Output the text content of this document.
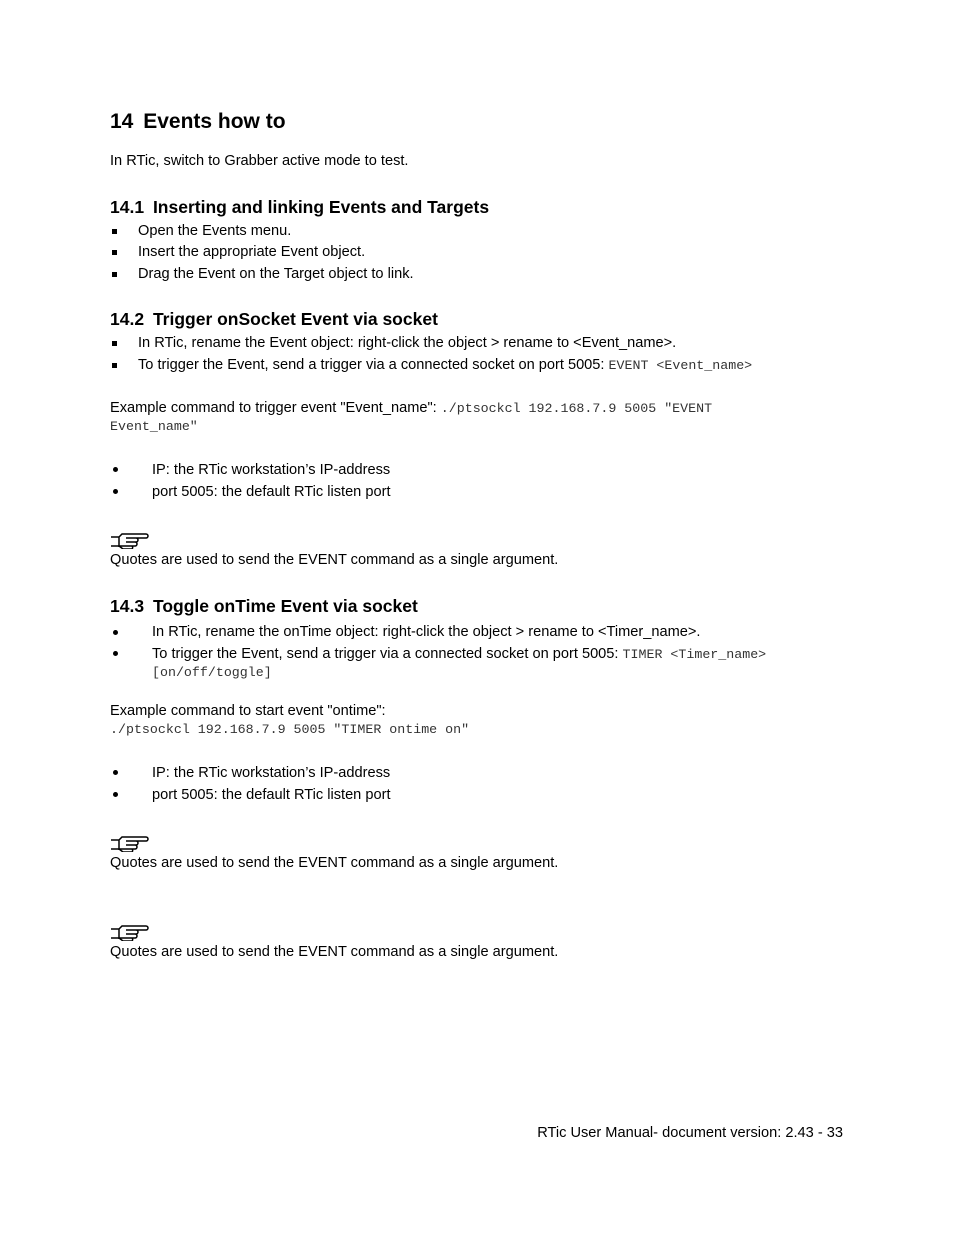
14 Events how to
In RTic, switch to Grabber active mode to test.
14.1 Inserting and linking Events and Targets
Open the Events menu.
Insert the appropriate Event object.
Drag the Event on the Target object to link.
14.2 Trigger onSocket Event via socket
In RTic, rename the Event object: right-click the object > rename to <Event_name>.
To trigger the Event, send a trigger via a connected socket on port 5005: EVENT <Event_name>
Example command to trigger event "Event_name": ./ptsockcl 192.168.7.9 5005 "EVENT
Event_name"
IP: the RTic workstation’s IP-address
port 5005: the default RTic listen port
Quotes are used to send the EVENT command as a single argument.
14.3 Toggle onTime Event via socket
In RTic, rename the onTime object: right-click the object > rename to <Timer_name>.
To trigger the Event, send a trigger via a connected socket on port 5005: TIMER <Timer_name>
[on/off/toggle]
Example command to start event "ontime":
./ptsockcl 192.168.7.9 5005 "TIMER ontime on"
IP: the RTic workstation’s IP-address
port 5005: the default RTic listen port
Quotes are used to send the EVENT command as a single argument.
Quotes are used to send the EVENT command as a single argument.
RTic User Manual- document version: 2.43 - 33
